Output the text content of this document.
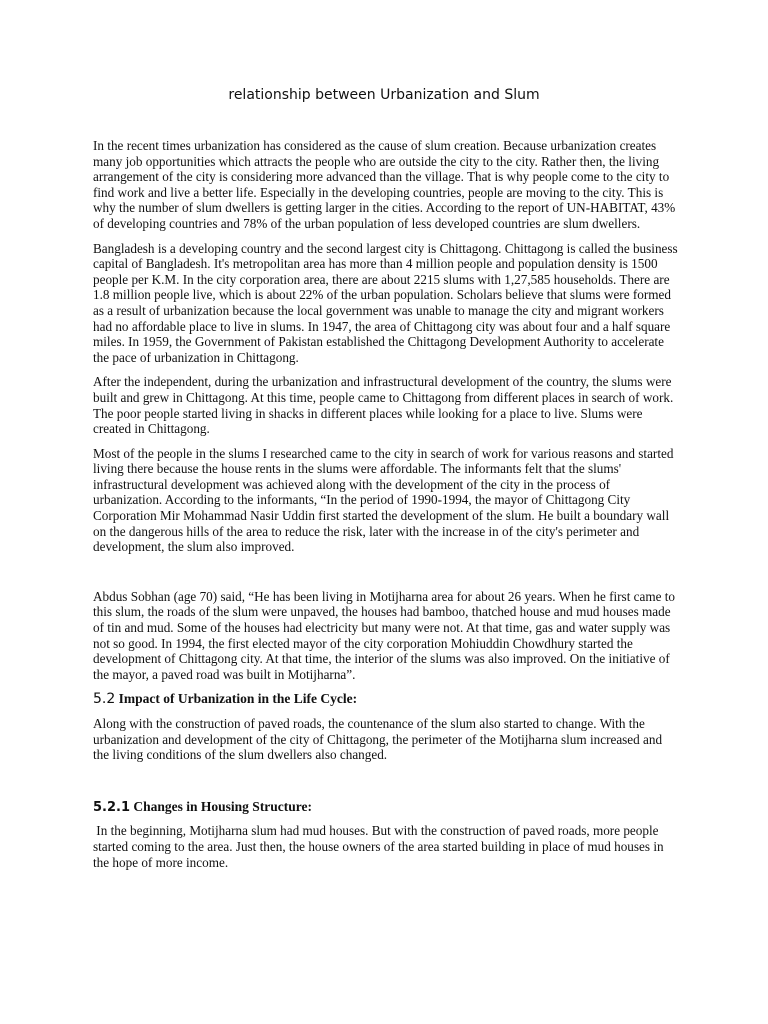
relationship between Urbanization and Slum

In the recent times urbanization has considered as the cause of slum creation. Because urbanization creates many job opportunities which attracts the people who are outside the city to the city. Rather then, the living arrangement of the city is considering more advanced than the village. That is why people come to the city to find work and live a better life. Especially in the developing countries, people are moving to the city. This is why the number of slum dwellers is getting larger in the cities. According to the report of UN-HABITAT, 43% of developing countries and 78% of the urban population of less developed countries are slum dwellers.

Bangladesh is a developing country and the second largest city is Chittagong. Chittagong is called the business capital of Bangladesh. It's metropolitan area has more than 4 million people and population density is 1500 people per K.M. In the city corporation area, there are about 2215 slums with 1,27,585 households. There are 1.8 million people live, which is about 22% of the urban population. Scholars believe that slums were formed as a result of urbanization because the local government was unable to manage the city and migrant workers had no affordable place to live in slums. In 1947, the area of Chittagong city was about four and a half square miles. In 1959, the Government of Pakistan established the Chittagong Development Authority to accelerate the pace of urbanization in Chittagong.

After the independent, during the urbanization and infrastructural development of the country, the slums were built and grew in Chittagong. At this time, people came to Chittagong from different places in search of work. The poor people started living in shacks in different places while looking for a place to live. Slums were created in Chittagong.

Most of the people in the slums I researched came to the city in search of work for various reasons and started living there because the house rents in the slums were affordable. The informants felt that the slums' infrastructural development was achieved along with the development of the city in the process of urbanization. According to the informants, “In the period of 1990-1994, the mayor of Chittagong City Corporation Mir Mohammad Nasir Uddin first started the development of the slum. He built a boundary wall on the dangerous hills of the area to reduce the risk, later with the increase in of the city's perimeter and development, the slum also improved.

Abdus Sobhan (age 70) said, “He has been living in Motijharna area for about 26 years. When he first came to this slum, the roads of the slum were unpaved, the houses had bamboo, thatched house and mud houses made of tin and mud. Some of the houses had electricity but many were not. At that time, gas and water supply was not so good. In 1994, the first elected mayor of the city corporation Mohiuddin Chowdhury started the development of Chittagong city. At that time, the interior of the slums was also improved. On the initiative of the mayor, a paved road was built in Motijharna”.

5.2 Impact of Urbanization in the Life Cycle:

Along with the construction of paved roads, the countenance of the slum also started to change. With the urbanization and development of the city of Chittagong, the perimeter of the Motijharna slum increased and the living conditions of the slum dwellers also changed.

5.2.1 Changes in Housing Structure:

In the beginning, Motijharna slum had mud houses. But with the construction of paved roads, more people started coming to the area. Just then, the house owners of the area started building in place of mud houses in the hope of more income.
